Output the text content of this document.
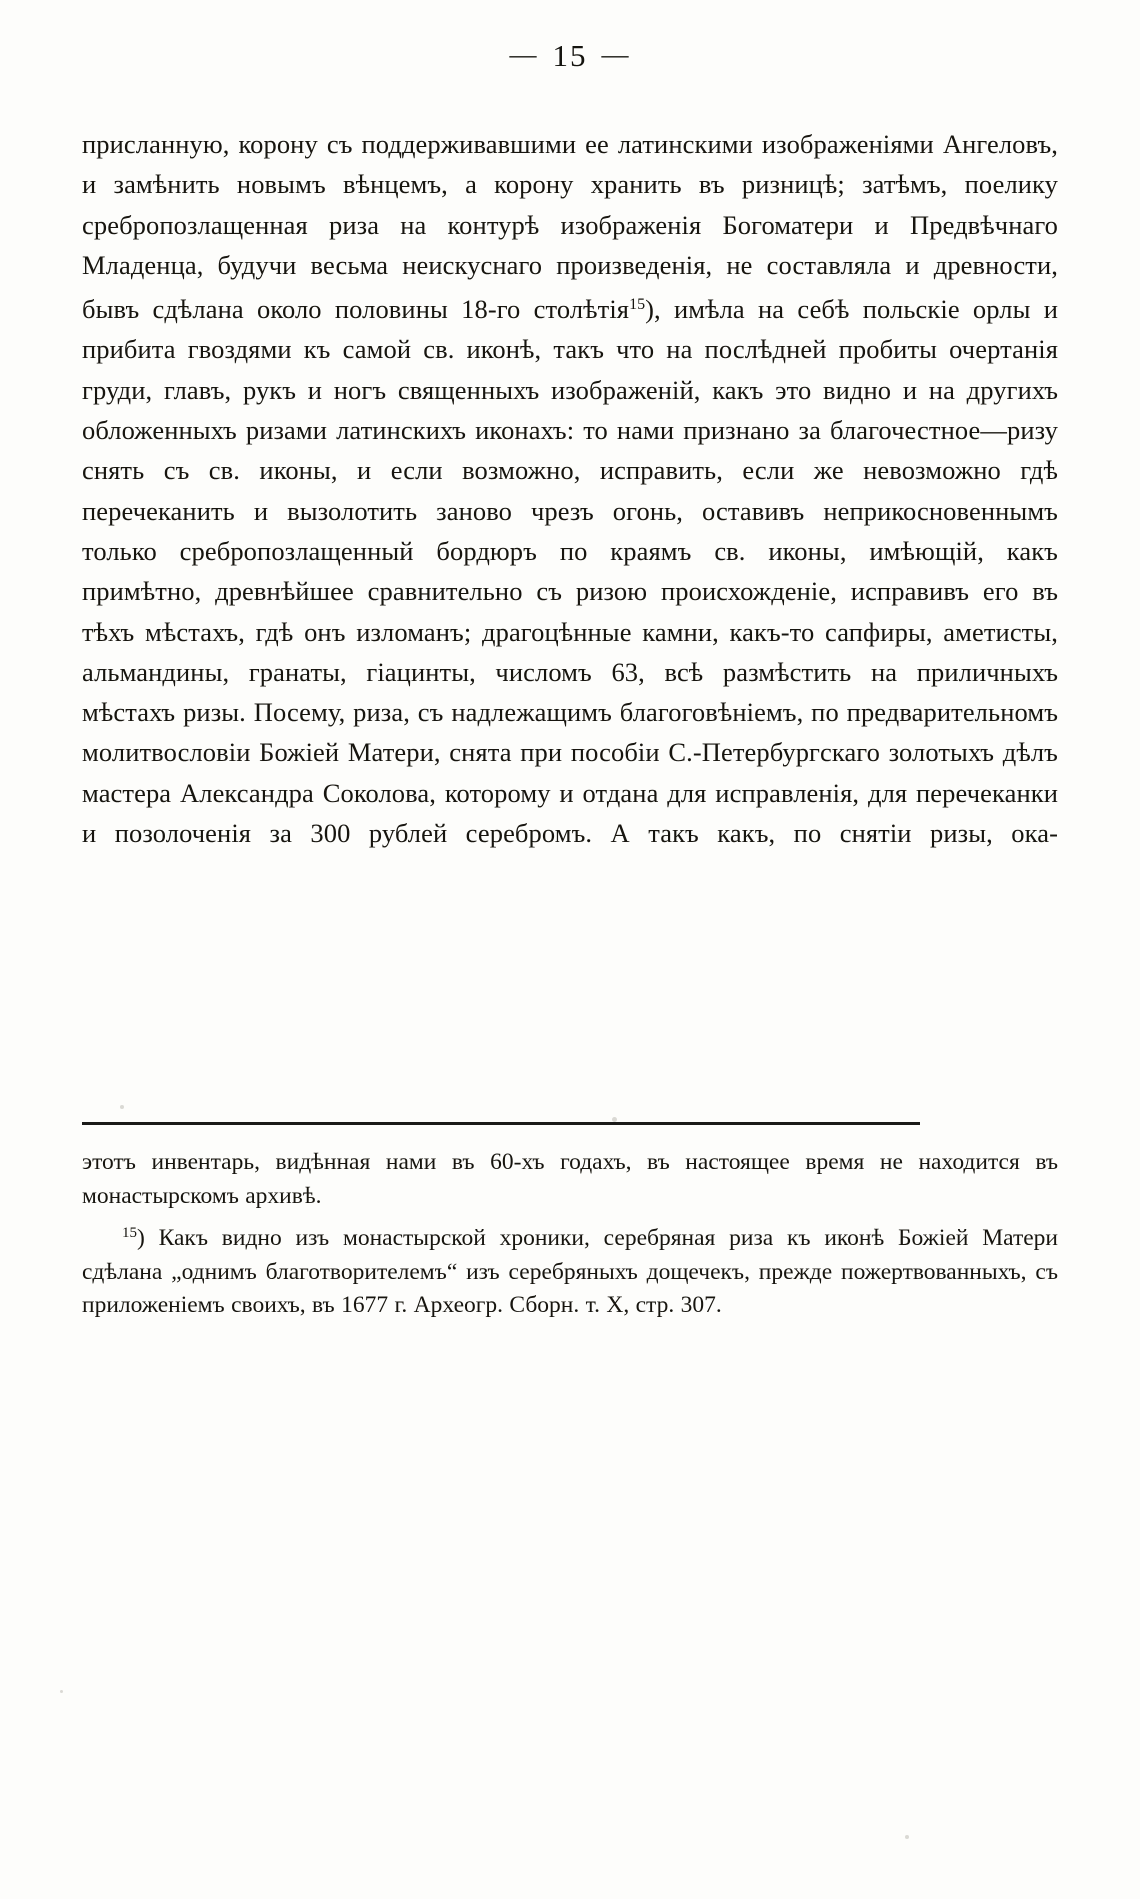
— 15 —

присланную, корону съ поддерживавшими ее латинскими изображеніями Ангеловъ, и замѣнить новымъ вѣнцемъ, а корону хранить въ ризницѣ; затѣмъ, поелику сребропозлащенная риза на контурѣ изображенія Богоматери и Предвѣчнаго Младенца, будучи весьма неискуснаго произведенія, не составляла и древности, бывъ сдѣлана около половины 18-го столѣтія$^{15}$), имѣла на себѣ польскіе орлы и прибита гвоздями къ самой св. иконѣ, такъ что на послѣдней пробиты очертанія груди, главъ, рукъ и ногъ священныхъ изображеній, какъ это видно и на другихъ обложенныхъ ризами латинскихъ иконахъ: то нами признано за благочестное—ризу снять съ св. иконы, и если возможно, исправить, если же невозможно гдѣ перечеканить и вызолотить заново чрезъ огонь, оставивъ неприкосновеннымъ только сребропозлащенный бордюръ по краямъ св. иконы, имѣющій, какъ примѣтно, древнѣйшее сравнительно съ ризою происхожденіе, исправивъ его въ тѣхъ мѣстахъ, гдѣ онъ изломанъ; драгоцѣнные камни, какъ-то сапфиры, аметисты, альмандины, гранаты, гіацинты, числомъ 63, всѣ размѣстить на приличныхъ мѣстахъ ризы. Посему, риза, съ надлежащимъ благоговѣніемъ, по предварительномъ молитвословіи Божіей Матери, снята при пособіи С.-Петербургскаго золотыхъ дѣлъ мастера Александра Соколова, которому и отдана для исправленія, для перечеканки и позолоченія за 300 рублей серебромъ. А такъ какъ, по снятіи ризы, ока-

этотъ инвентарь, видѣнная нами въ 60-хъ годахъ, въ настоящее время не находится въ монастырскомъ архивѣ.

$^{15}$) Какъ видно изъ монастырской хроники, серебряная риза къ иконѣ Божіей Матери сдѣлана „однимъ благотворителемъ“ изъ серебряныхъ дощечекъ, прежде пожертвованныхъ, съ приложеніемъ своихъ, въ 1677 г. Археогр. Сборн. т. X, стр. 307.
